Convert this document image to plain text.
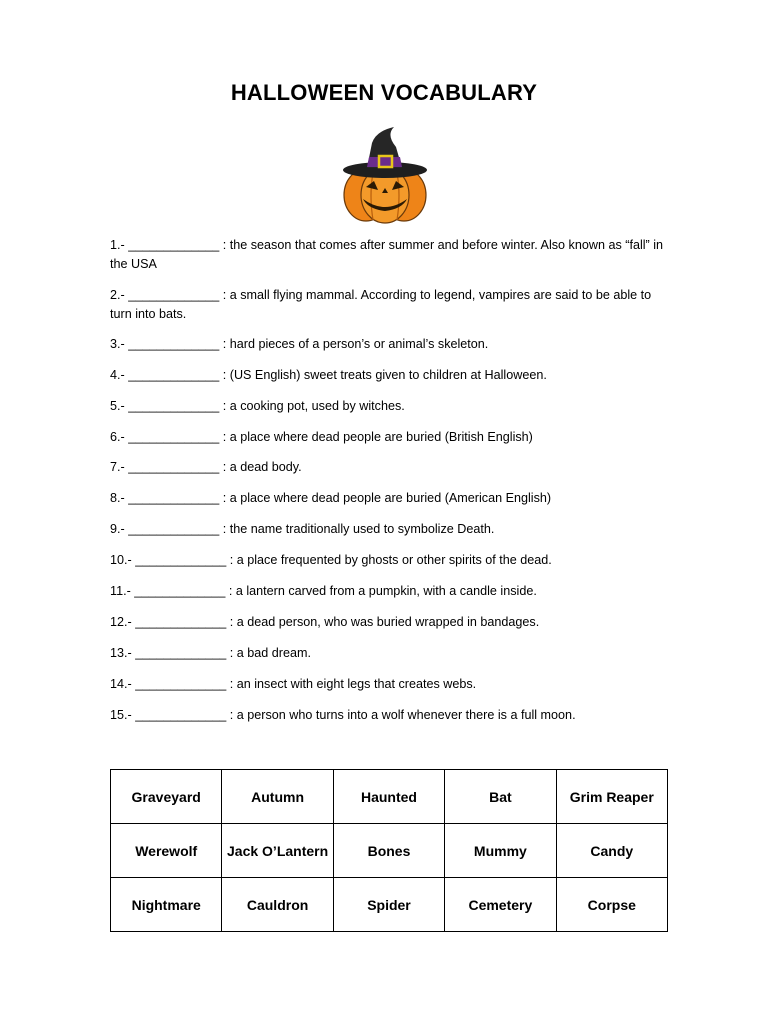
HALLOWEEN VOCABULARY
1.- _____________ : the season that comes after summer and before winter. Also known as “fall” in the USA
2.- _____________ : a small flying mammal. According to legend, vampires are said to be able to turn into bats.
3.- _____________ : hard pieces of a person’s or animal’s skeleton.
4.- _____________ : (US English) sweet treats given to children at Halloween.
5.- _____________ : a cooking pot, used by witches.
6.- _____________ : a place where dead people are buried (British English)
7.- _____________ : a dead body.
8.- _____________ : a place where dead people are buried (American English)
9.- _____________ : the name traditionally used to symbolize Death.
10.- _____________ : a place frequented by ghosts or other spirits of the dead.
11.- _____________ : a lantern carved from a pumpkin, with a candle inside.
12.- _____________ : a dead person, who was buried wrapped in bandages.
13.- _____________ : a bad dream.
14.- _____________ : an insect with eight legs that creates webs.
15.- _____________ : a person who turns into a wolf whenever there is a full moon.
Graveyard	Autumn	Haunted	Bat	Grim Reaper
Werewolf	Jack O’Lantern	Bones	Mummy	Candy
Nightmare	Cauldron	Spider	Cemetery	Corpse
